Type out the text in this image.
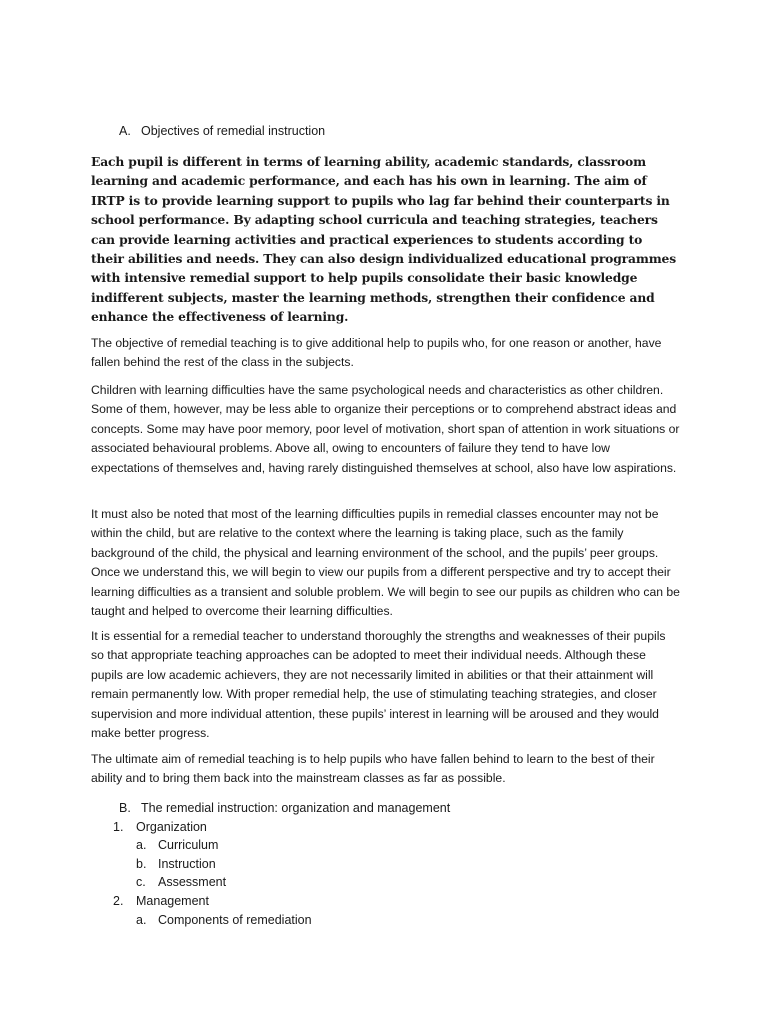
A. Objectives of remedial instruction

Each pupil is different in terms of learning ability, academic standards, classroom learning and academic performance, and each has his own in learning. The aim of IRTP is to provide learning support to pupils who lag far behind their counterparts in school performance. By adapting school curricula and teaching strategies, teachers can provide learning activities and practical experiences to students according to their abilities and needs. They can also design individualized educational programmes with intensive remedial support to help pupils consolidate their basic knowledge indifferent subjects, master the learning methods, strengthen their confidence and enhance the effectiveness of learning.

The objective of remedial teaching is to give additional help to pupils who, for one reason or another, have fallen behind the rest of the class in the subjects.

Children with learning difficulties have the same psychological needs and characteristics as other children. Some of them, however, may be less able to organize their perceptions or to comprehend abstract ideas and concepts. Some may have poor memory, poor level of motivation, short span of attention in work situations or associated behavioural problems. Above all, owing to encounters of failure they tend to have low expectations of themselves and, having rarely distinguished themselves at school, also have low aspirations.

It must also be noted that most of the learning difficulties pupils in remedial classes encounter may not be within the child, but are relative to the context where the learning is taking place, such as the family background of the child, the physical and learning environment of the school, and the pupils’ peer groups. Once we understand this, we will begin to view our pupils from a different perspective and try to accept their learning difficulties as a transient and soluble problem. We will begin to see our pupils as children who can be taught and helped to overcome their learning difficulties.

It is essential for a remedial teacher to understand thoroughly the strengths and weaknesses of their pupils so that appropriate teaching approaches can be adopted to meet their individual needs. Although these pupils are low academic achievers, they are not necessarily limited in abilities or that their attainment will remain permanently low. With proper remedial help, the use of stimulating teaching strategies, and closer supervision and more individual attention, these pupils’ interest in learning will be aroused and they would make better progress.

The ultimate aim of remedial teaching is to help pupils who have fallen behind to learn to the best of their ability and to bring them back into the mainstream classes as far as possible.

B. The remedial instruction: organization and management
1. Organization
a. Curriculum
b. Instruction
c. Assessment
2. Management
a. Components of remediation
